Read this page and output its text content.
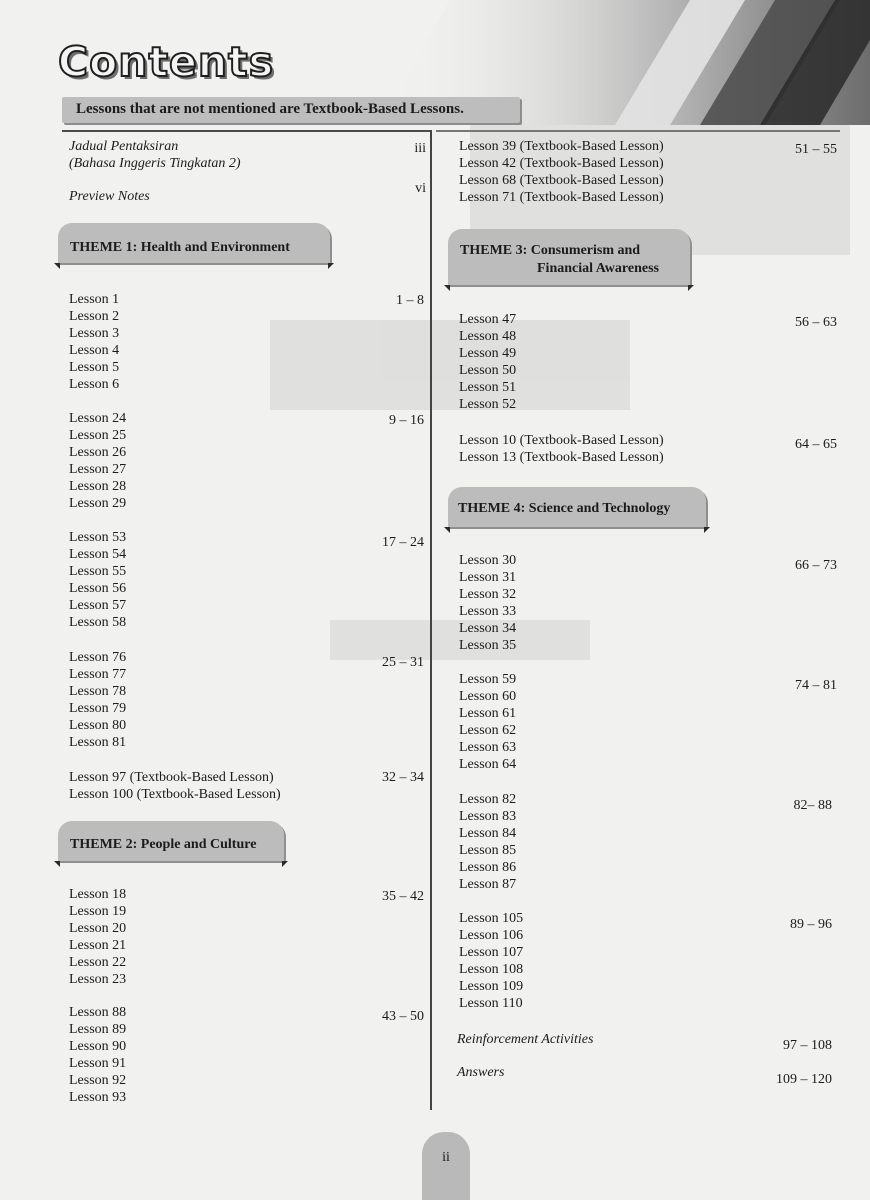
Contents
Lessons that are not mentioned are Textbook-Based Lessons.
Jadual Pentaksiran
(Bahasa Inggeris Tingkatan 2)
iii
Preview Notes
vi
THEME 1: Health and Environment
Lesson 1
Lesson 2
Lesson 3
Lesson 4
Lesson 5
Lesson 6
1 – 8
Lesson 24
Lesson 25
Lesson 26
Lesson 27
Lesson 28
Lesson 29
9 – 16
Lesson 53
Lesson 54
Lesson 55
Lesson 56
Lesson 57
Lesson 58
17 – 24
Lesson 76
Lesson 77
Lesson 78
Lesson 79
Lesson 80
Lesson 81
25 – 31
Lesson 97 (Textbook-Based Lesson)
Lesson 100 (Textbook-Based Lesson)
32 – 34
THEME 2: People and Culture
Lesson 18
Lesson 19
Lesson 20
Lesson 21
Lesson 22
Lesson 23
35 – 42
Lesson 88
Lesson 89
Lesson 90
Lesson 91
Lesson 92
Lesson 93
43 – 50
Lesson 39 (Textbook-Based Lesson)
Lesson 42 (Textbook-Based Lesson)
Lesson 68 (Textbook-Based Lesson)
Lesson 71 (Textbook-Based Lesson)
51 – 55
THEME 3: Consumerism and
Financial Awareness
Lesson 47
Lesson 48
Lesson 49
Lesson 50
Lesson 51
Lesson 52
56 – 63
Lesson 10 (Textbook-Based Lesson)
Lesson 13 (Textbook-Based Lesson)
64 – 65
THEME 4: Science and Technology
Lesson 30
Lesson 31
Lesson 32
Lesson 33
Lesson 34
Lesson 35
66 – 73
Lesson 59
Lesson 60
Lesson 61
Lesson 62
Lesson 63
Lesson 64
74 – 81
Lesson 82
Lesson 83
Lesson 84
Lesson 85
Lesson 86
Lesson 87
82– 88
Lesson 105
Lesson 106
Lesson 107
Lesson 108
Lesson 109
Lesson 110
89 – 96
Reinforcement Activities	97 – 108
Answers	109 – 120
ii
